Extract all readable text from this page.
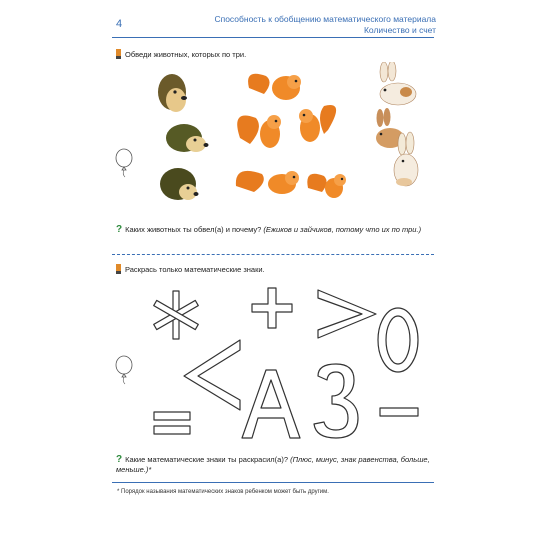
4	Способность к обобщению математического материала
Количество и счет
Обведи животных, которых по три.
? Каких животных ты обвел(а) и почему? (Ежиков и зайчиков, потому что их по три.)
Раскрась только математические знаки.
? Какие математические знаки ты раскрасил(а)? (Плюс, минус, знак равенства, больше, меньше.)*
* Порядок называния математических знаков ребенком может быть другим.
